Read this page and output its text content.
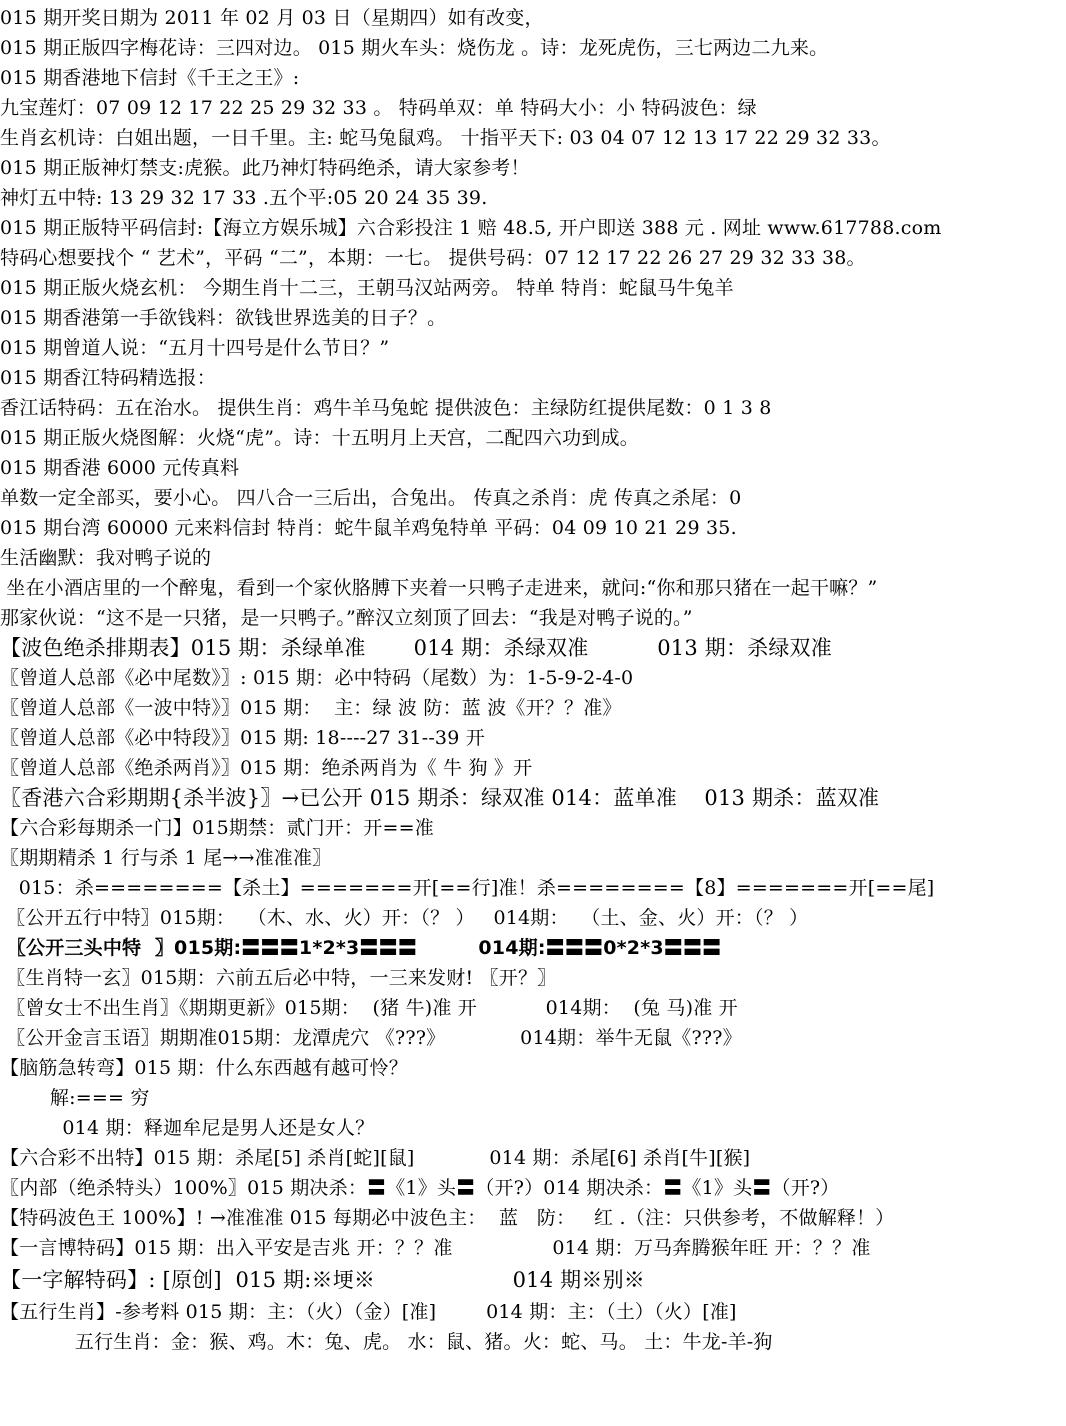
015 期开奖日期为 2011 年 02 月 03 日（星期四）如有改变，
015 期正版四字梅花诗：三四对边。 015 期火车头：烧伤龙 。诗：龙死虎伤，三七两边二九来。
015 期香港地下信封《千王之王》:
九宝莲灯：07 09 12 17 22 25 29 32 33 。 特码单双：单 特码大小：小 特码波色：绿
生肖玄机诗：白姐出题，一日千里。主: 蛇马兔鼠鸡。 十指平天下: 03 04 07 12 13 17 22 29 32 33。
015 期正版神灯禁支:虎猴。此乃神灯特码绝杀，请大家参考！
神灯五中特: 13 29 32 17 33 .五个平:05 20 24 35 39.
015 期正版特平码信封:【海立方娱乐城】六合彩投注 1 赔 48.5, 开户即送 388 元 . 网址 www.617788.com
特码心想要找个 “ 艺术”，平码 “二”，本期：一七。 提供号码：07 12 17 22 26 27 29 32 33 38。
015 期正版火烧玄机： 今期生肖十二三，王朝马汉站两旁。 特单 特肖：蛇鼠马牛兔羊
015 期香港第一手欲钱料：欲钱世界选美的日子？。
015 期曾道人说：“五月十四号是什么节日？”
015 期香江特码精选报：
香江话特码：五在治水。 提供生肖：鸡牛羊马兔蛇 提供波色：主绿防红提供尾数：0 1 3 8
015 期正版火烧图解：火烧“虎”。诗：十五明月上天宫，二配四六功到成。
015 期香港 6000 元传真料
单数一定全部买，要小心。 四八合一三后出，合兔出。 传真之杀肖：虎 传真之杀尾：0
015 期台湾 60000 元来料信封 特肖：蛇牛鼠羊鸡兔特单 平码：04 09 10 21 29 35.
生活幽默：我对鸭子说的
坐在小酒店里的一个醉鬼，看到一个家伙胳膊下夹着一只鸭子走进来，就问:“你和那只猪在一起干嘛？”
那家伙说：“这不是一只猪，是一只鸭子。”醉汉立刻顶了回去：“我是对鸭子说的。”
【波色绝杀排期表】015 期：杀绿单准       014 期：杀绿双准          013 期：杀绿双准
〖曾道人总部《必中尾数》〗: 015 期：必中特码（尾数）为：1-5-9-2-4-0
〖曾道人总部《一波中特》〗015 期：  主：绿 波 防：蓝 波《开？？准》
〖曾道人总部《必中特段》〗015 期: 18----27 31--39 开
〖曾道人总部《绝杀两肖》〗015 期：绝杀两肖为《 牛 狗 》开
〖香港六合彩期期{杀半波}〗→已公开 015 期杀：绿双准 014：蓝单准    013 期杀：蓝双准
【六合彩每期杀一门】015期禁：贰门开：开==准
〖期期精杀 1 行与杀 1 尾→→准准准〗
015：杀========【杀土】=======开[==行]准！杀========【8】=======开[==尾]
〖公开五行中特〗015期：  （木、水、火）开：（？ ）   014期：  （土、金、火）开：（？ ）
〖公开三头中特  〗015期:〓〓〓1*2*3〓〓〓         014期:〓〓〓0*2*3〓〓〓
〖生肖特一玄〗015期：六前五后必中特，一三来发财! 〖开？〗
〖曾女士不出生肖〗《期期更新》015期：  (猪 牛)准 开           014期：  (兔 马)准 开
〖公开金言玉语〗期期准015期：龙潭虎穴 《???》            014期：举牛无鼠《???》
【脑筋急转弯】015 期：什么东西越有越可怜？
解:=== 穷
014 期：释迦牟尼是男人还是女人？
【六合彩不出特】015 期：杀尾[5] 杀肖[蛇][鼠]            014 期：杀尾[6] 杀肖[牛][猴]
〖内部（绝杀特头）100%〗015 期决杀：〓《1》头〓（开?）014 期决杀：〓《1》头〓（开?）
【特码波色王 100%】! →准准准 015 每期必中波色主：  蓝   防：   红 .（注：只供参考，不做解释！）
【一言博特码】015 期：出入平安是吉兆 开：？？准                014 期：万马奔腾猴年旺 开：？？准
【一字解特码】: [原创]  015 期:※埂※                    014 期※别※
【五行生肖】-参考料 015 期：主：（火）（金）[准]        014 期：主：（土）（火）[准]
五行生肖：金：猴、鸡。木：兔、虎。 水：鼠、猪。火：蛇、马。 土：牛龙-羊-狗
